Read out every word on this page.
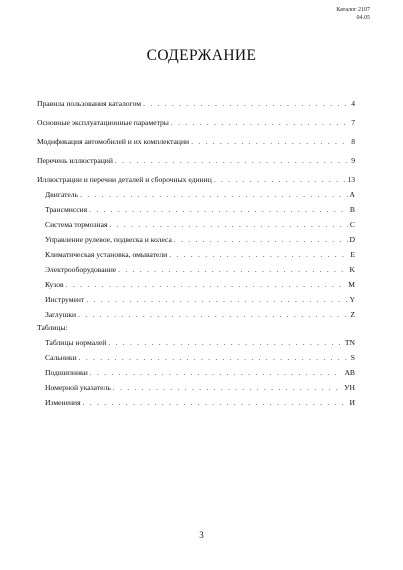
Каталог 2107
04.05
СОДЕРЖАНИЕ
Правила пользования каталогом . . .	4
Основные эксплуатационные параметры . . .	7
Модификация автомобилей и их комплектации . . .	8
Перечень иллюстраций . . .	9
Иллюстрации и перечни деталей и сборочных единиц . . .	13
Двигатель . . .	A
Трансмиссия . . .	B
Система тормозная . . .	C
Управление рулевое, подвеска и колеса . . .	D
Климатическая установка, омыватели . . .	E
Электрооборудование . . .	K
Кузов . . .	M
Инструмент . . .	Y
Заглушки . . .	Z
Таблицы:
Таблицы нормалей . . .	TN
Сальники . . .	S
Подшипники . . .	AB
Номерной указатель . . .	УН
Изменения . . .	И
3
